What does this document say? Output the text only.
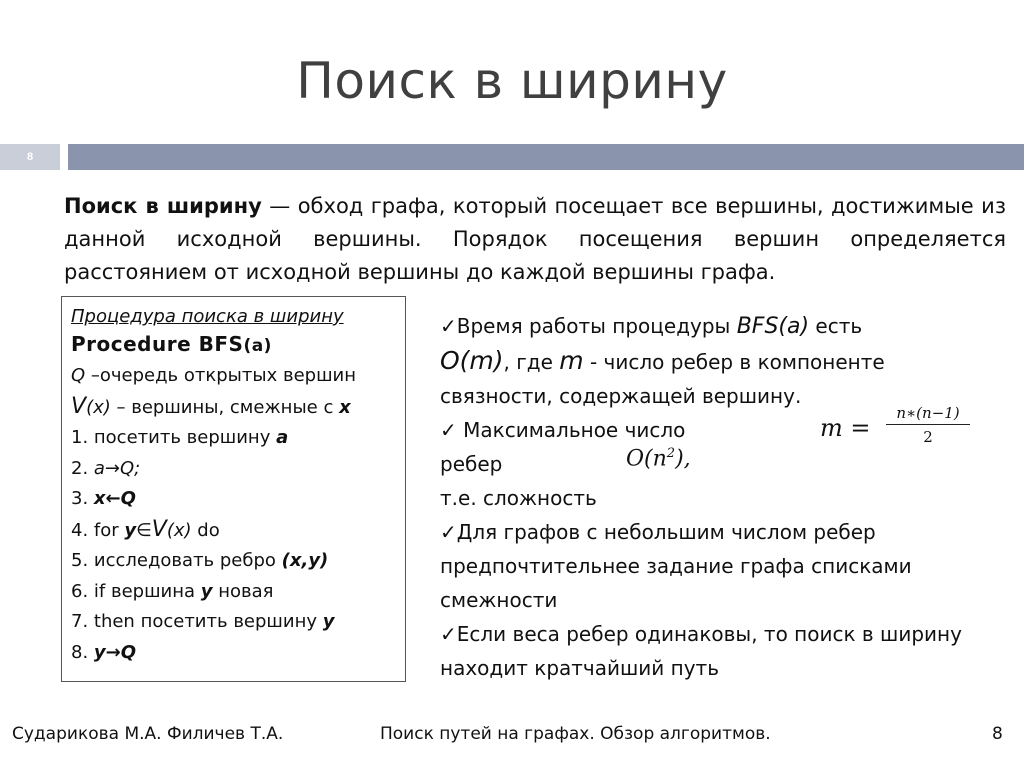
Поиск в ширину
8
Поиск в ширину — обход графа, который посещает все вершины, достижимые из данной исходной вершины. Порядок посещения вершин определяется расстоянием от исходной вершины до каждой вершины графа.
Процедура поиска в ширину
Procedure BFS(a)
Q –очередь открытых вершин
V(x) – вершины, смежные с x
1. посетить вершину a
2. a→Q;
3. x←Q
4. for y∈V(x) do
5. исследовать ребро (x,y)
6. if вершина y новая
7. then посетить вершину y
8. y→Q

✓Время работы процедуры BFS(a) есть
O(m), где m - число ребер в компоненте связности, содержащей вершину.

✓ Максимальное число
ребер
т.е. сложность

✓Для графов с небольшим числом ребер предпочтительнее задание графа списками смежности

✓Если веса ребер одинаковы, то поиск в ширину находит кратчайший путь

$m = \frac{n∗(n-1)}{2}$
$O(n^2)$,
Сударикова М.А. Филичев Т.А.	Поиск путей на графах. Обзор алгоритмов.	8
